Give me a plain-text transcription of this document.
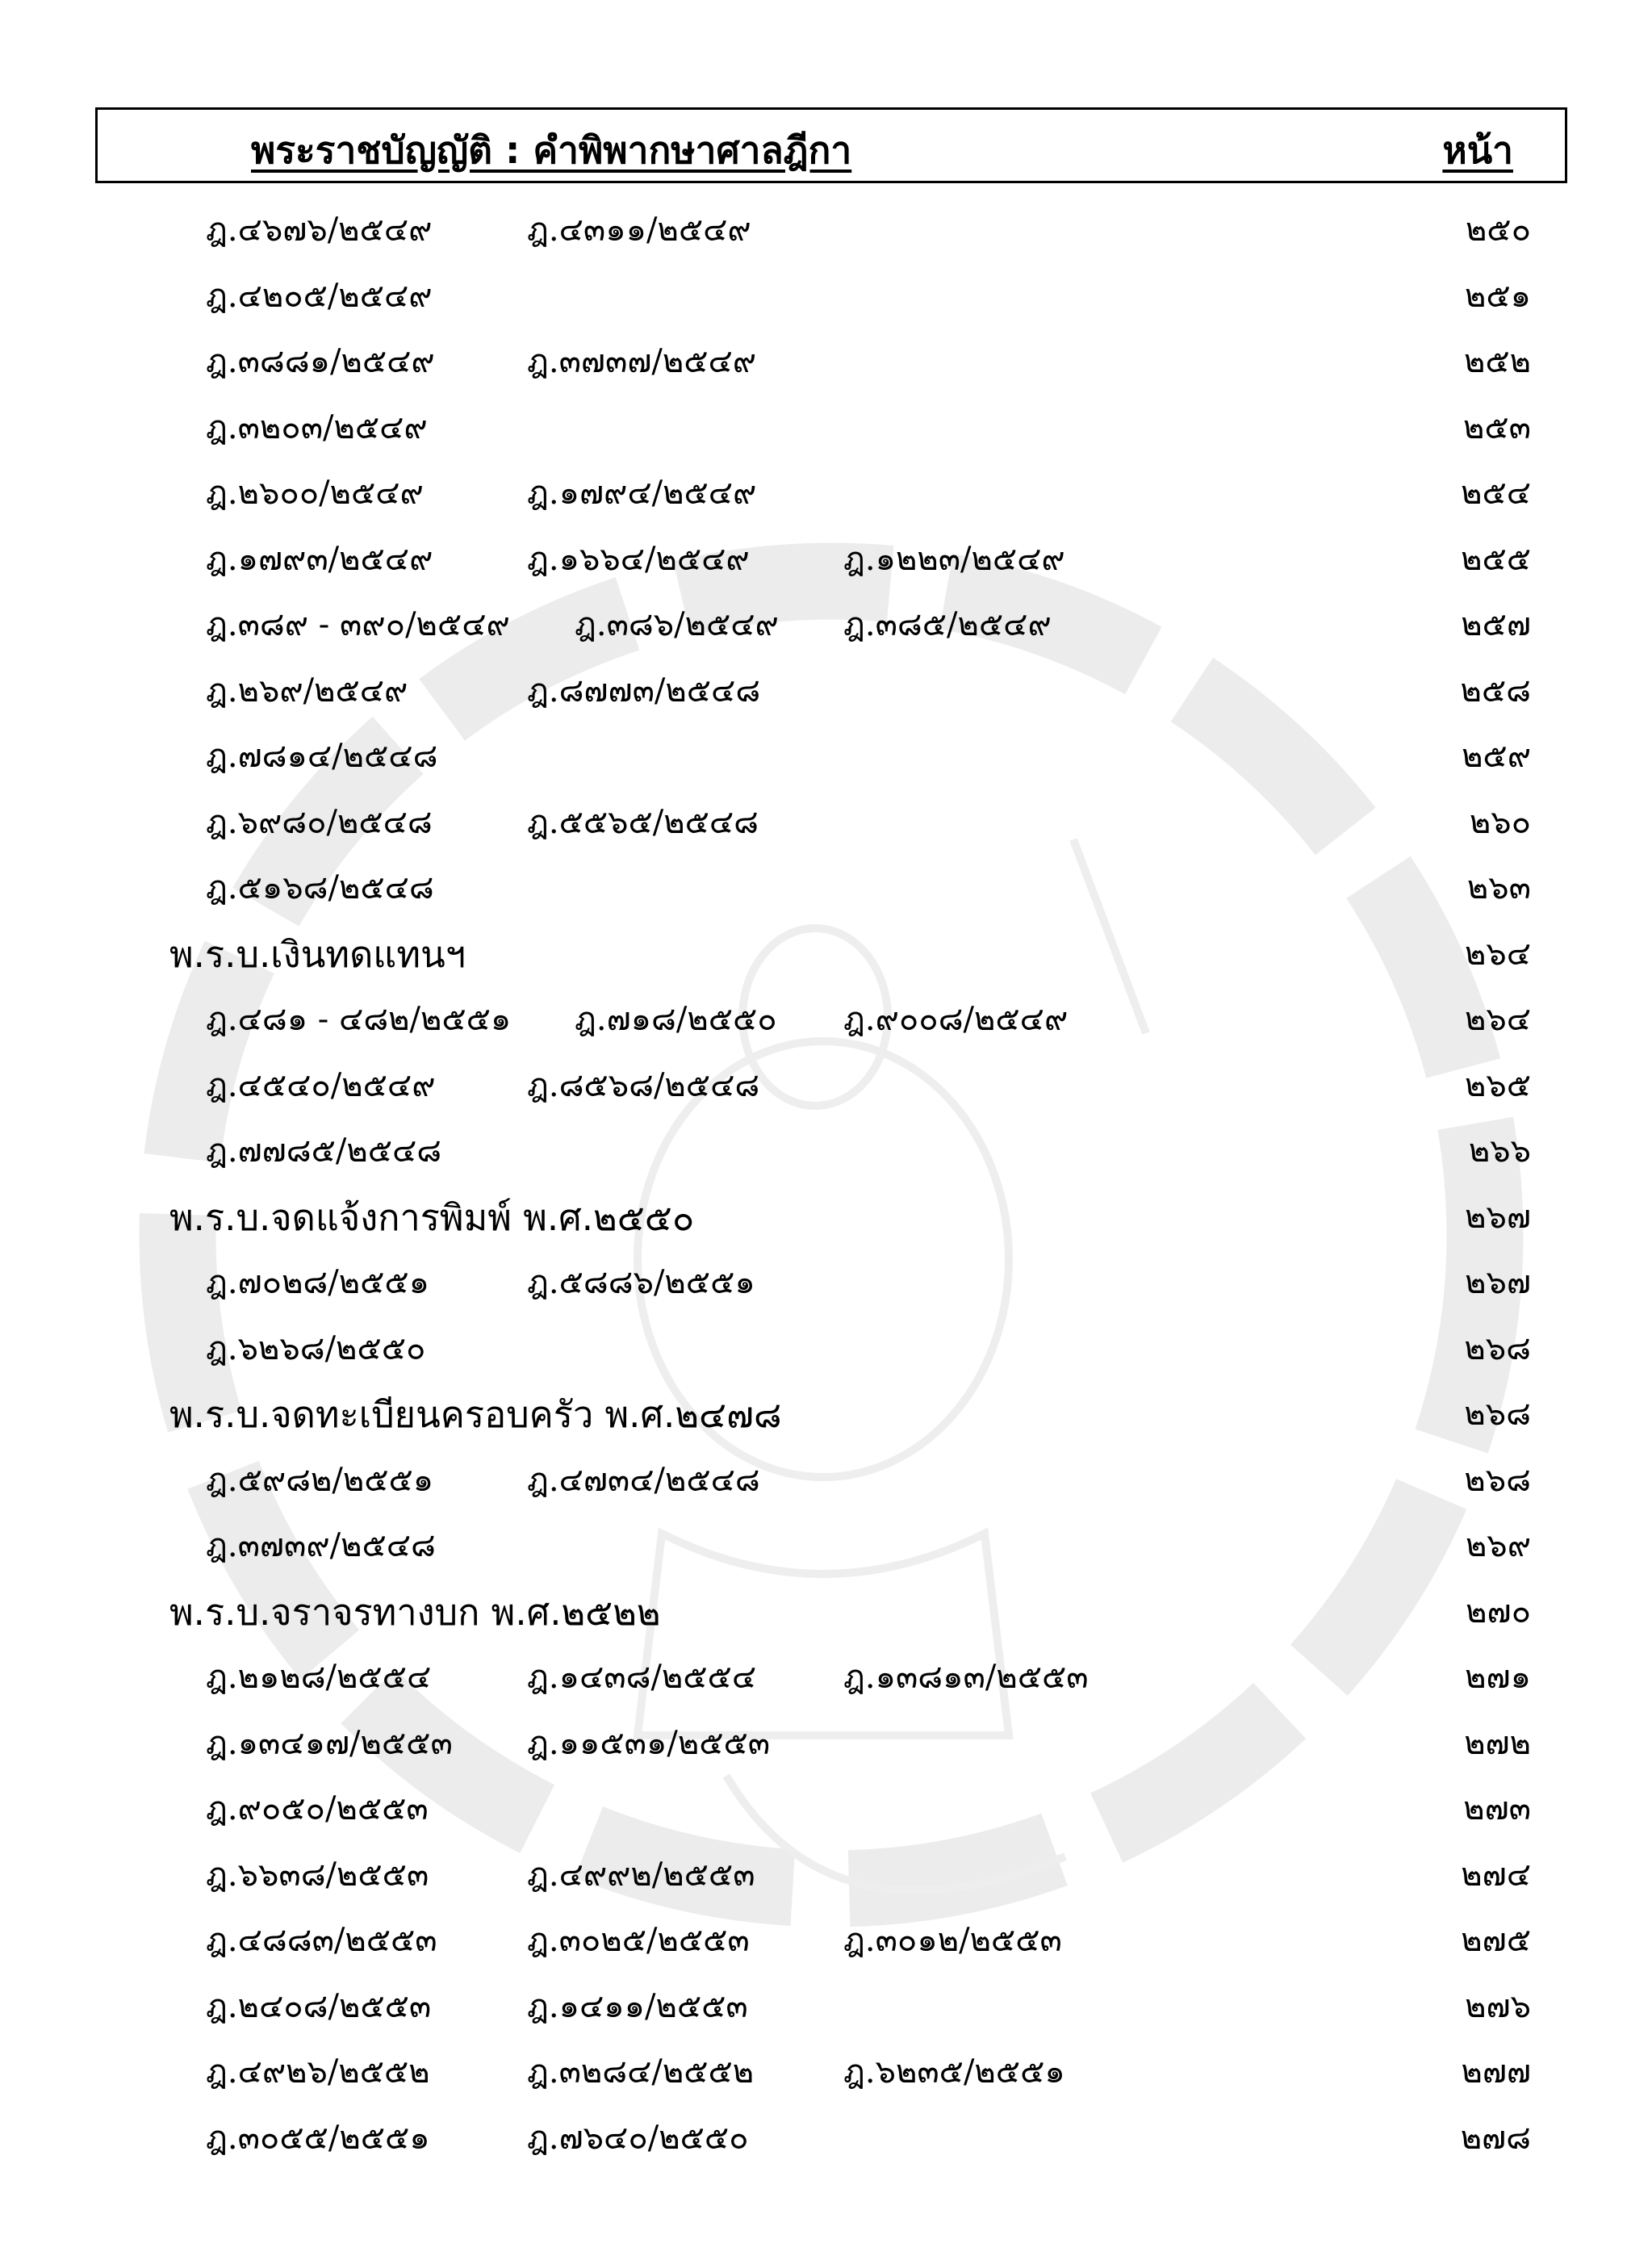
พระราชบัญญัติ : คำพิพากษาศาลฎีกา	หน้า
ฎ.๔๖๗๖/๒๕๔๙	ฎ.๔๓๑๑/๒๕๔๙	๒๕๐
ฎ.๔๒๐๕/๒๕๔๙	๒๕๑
ฎ.๓๘๘๑/๒๕๔๙	ฎ.๓๗๓๗/๒๕๔๙	๒๕๒
ฎ.๓๒๐๓/๒๕๔๙	๒๕๓
ฎ.๒๖๐๐/๒๕๔๙	ฎ.๑๗๙๔/๒๕๔๙	๒๕๔
ฎ.๑๗๙๓/๒๕๔๙	ฎ.๑๖๖๔/๒๕๔๙	ฎ.๑๒๒๓/๒๕๔๙	๒๕๕
ฎ.๓๘๙ - ๓๙๐/๒๕๔๙ ฎ.๓๘๖/๒๕๔๙ ฎ.๓๘๕/๒๕๔๙	๒๕๗
ฎ.๒๖๙/๒๕๔๙	ฎ.๘๗๗๓/๒๕๔๘	๒๕๘
ฎ.๗๘๑๔/๒๕๔๘	๒๕๙
ฎ.๖๙๘๐/๒๕๔๘	ฎ.๕๕๖๕/๒๕๔๘	๒๖๐
ฎ.๕๑๖๘/๒๕๔๘	๒๖๓
พ.ร.บ.เงินทดแทนฯ	๒๖๔
ฎ.๔๘๑ - ๔๘๒/๒๕๕๑ ฎ.๗๑๘/๒๕๕๐ ฎ.๙๐๐๘/๒๕๔๙	๒๖๔
ฎ.๔๕๔๐/๒๕๔๙	ฎ.๘๕๖๘/๒๕๔๘	๒๖๕
ฎ.๗๗๘๕/๒๕๔๘	๒๖๖
พ.ร.บ.จดแจ้งการพิมพ์ พ.ศ.๒๕๕๐	๒๖๗
ฎ.๗๐๒๘/๒๕๕๑	ฎ.๕๘๘๖/๒๕๕๑	๒๖๗
ฎ.๖๒๖๘/๒๕๕๐	๒๖๘
พ.ร.บ.จดทะเบียนครอบครัว พ.ศ.๒๔๗๘	๒๖๘
ฎ.๕๙๘๒/๒๕๕๑	ฎ.๔๗๓๔/๒๕๔๘	๒๖๘
ฎ.๓๗๓๙/๒๕๔๘	๒๖๙
พ.ร.บ.จราจรทางบก พ.ศ.๒๕๒๒	๒๗๐
ฎ.๒๑๒๘/๒๕๕๔	ฎ.๑๔๓๘/๒๕๕๔	ฎ.๑๓๘๑๓/๒๕๕๓	๒๗๑
ฎ.๑๓๔๑๗/๒๕๕๓ ฎ.๑๑๕๓๑/๒๕๕๓	๒๗๒
ฎ.๙๐๕๐/๒๕๕๓	๒๗๓
ฎ.๖๖๓๘/๒๕๕๓	ฎ.๔๙๙๒/๒๕๕๓	๒๗๔
ฎ.๔๘๘๓/๒๕๕๓	ฎ.๓๐๒๕/๒๕๕๓	ฎ.๓๐๑๒/๒๕๕๓	๒๗๕
ฎ.๒๔๐๘/๒๕๕๓	ฎ.๑๔๑๑/๒๕๕๓	๒๗๖
ฎ.๔๙๒๖/๒๕๕๒	ฎ.๓๒๘๔/๒๕๕๒	ฎ.๖๒๓๕/๒๕๕๑	๒๗๗
ฎ.๓๐๕๕/๒๕๕๑	ฎ.๗๖๔๐/๒๕๕๐	๒๗๘
